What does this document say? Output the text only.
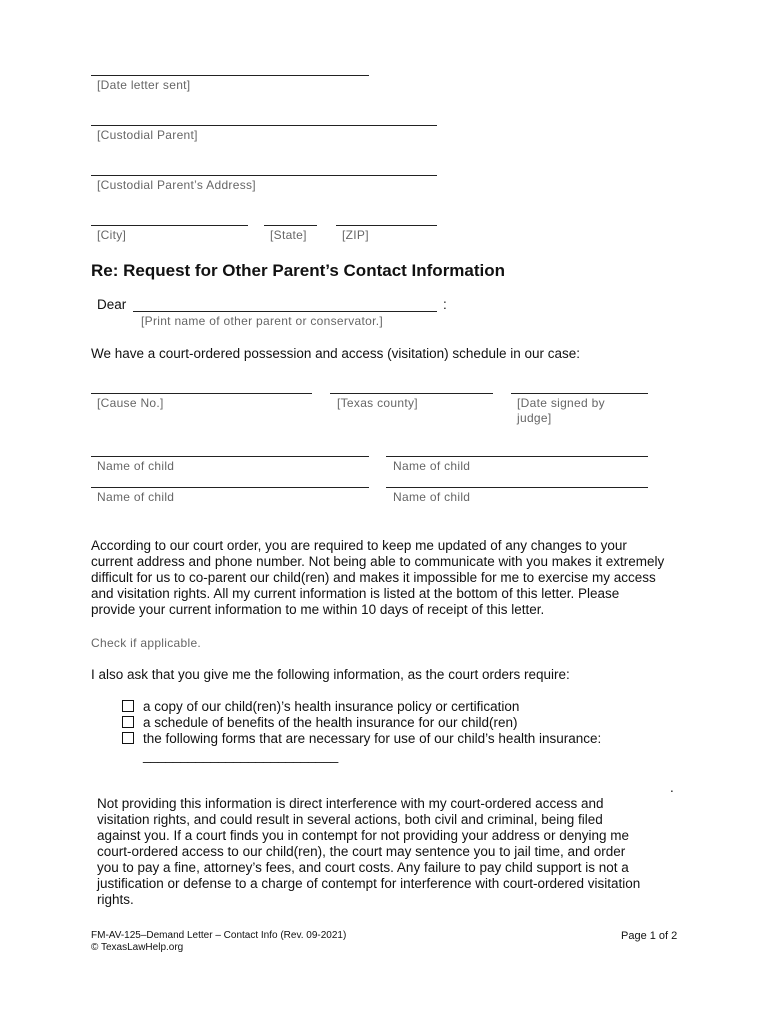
[Date letter sent]
[Custodial Parent]
[Custodial Parent’s Address]
[City]	[State]	[ZIP]
Re: Request for Other Parent’s Contact Information
Dear	:
[Print name of other parent or conservator.]
We have a court-ordered possession and access (visitation) schedule in our case:
[Cause No.]	[Texas county]	[Date signed by
judge]
Name of child	Name of child
Name of child	Name of child
According to our court order, you are required to keep me updated of any changes to your
current address and phone number. Not being able to communicate with you makes it extremely
difficult for us to co-parent our child(ren) and makes it impossible for me to exercise my access
and visitation rights. All my current information is listed at the bottom of this letter. Please
provide your current information to me within 10 days of receipt of this letter.
Check if applicable.
I also ask that you give me the following information, as the court orders require:
a copy of our child(ren)’s health insurance policy or certification
a schedule of benefits of the health insurance for our child(ren)
the following forms that are necessary for use of our child’s health insurance:
__________________________
.
Not providing this information is direct interference with my court-ordered access and
visitation rights, and could result in several actions, both civil and criminal, being filed
against you. If a court finds you in contempt for not providing your address or denying me
court-ordered access to our child(ren), the court may sentence you to jail time, and order
you to pay a fine, attorney’s fees, and court costs. Any failure to pay child support is not a
justification or defense to a charge of contempt for interference with court-ordered visitation
rights.
FM-AV-125–Demand Letter – Contact Info (Rev. 09-2021)
© TexasLawHelp.org
Page 1 of 2
